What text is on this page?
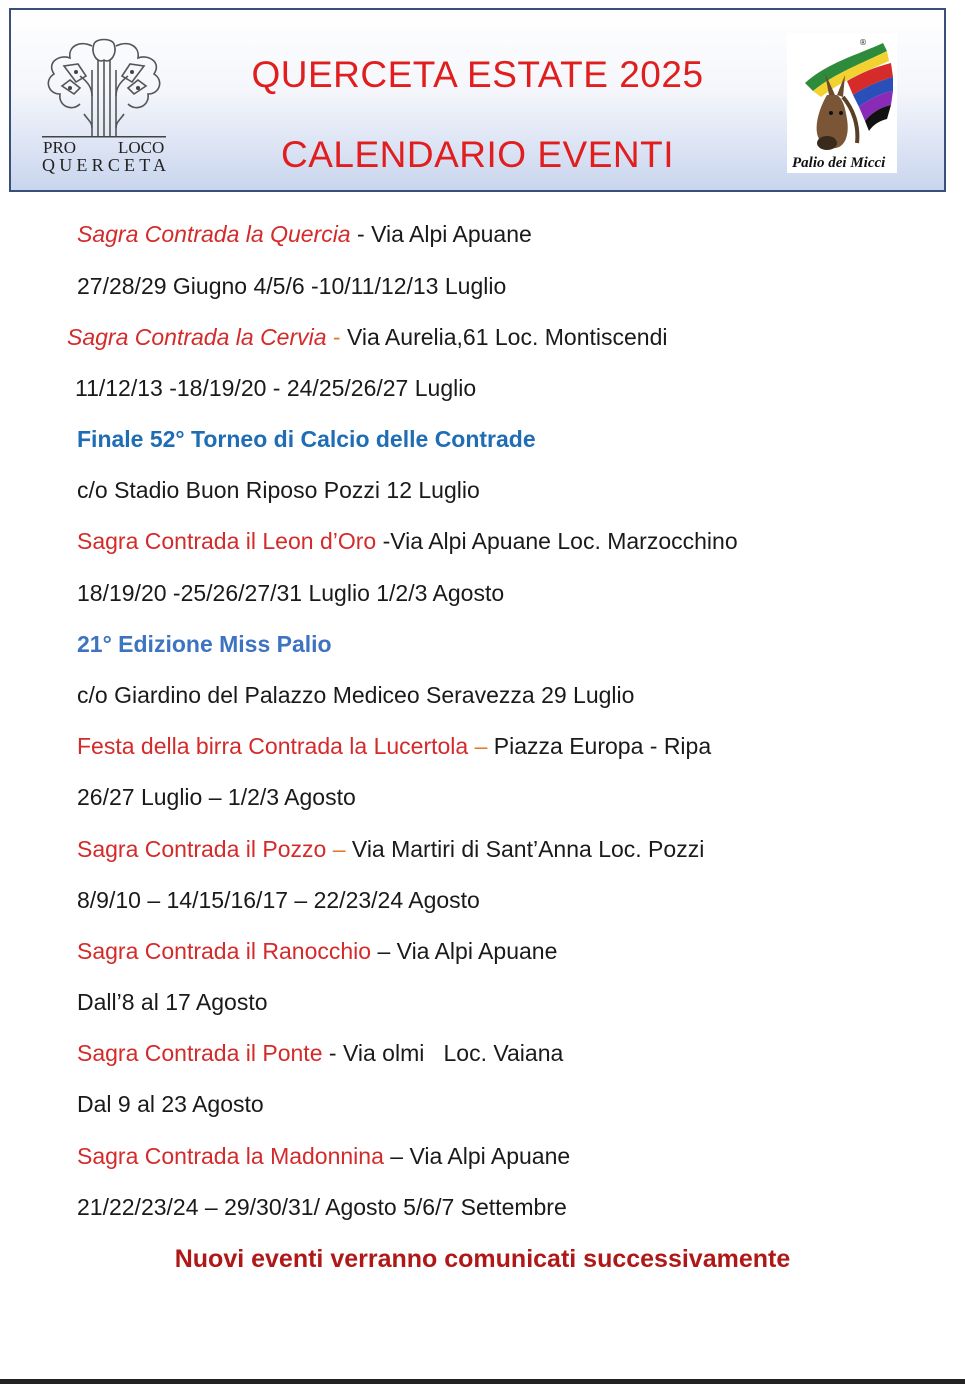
QUERCETA ESTATE 2025
CALENDARIO EVENTI
PRO LOCO
QUERCETA
®
Palio dei Micci
Sagra Contrada la Quercia - Via Alpi Apuane
27/28/29 Giugno 4/5/6 -10/11/12/13 Luglio
Sagra Contrada la Cervia - Via Aurelia,61 Loc. Montiscendi
11/12/13 -18/19/20 - 24/25/26/27 Luglio
Finale 52° Torneo di Calcio delle Contrade
c/o Stadio Buon Riposo Pozzi 12 Luglio
Sagra Contrada il Leon d’Oro -Via Alpi Apuane Loc. Marzocchino
18/19/20 -25/26/27/31 Luglio 1/2/3 Agosto
21° Edizione Miss Palio
c/o Giardino del Palazzo Mediceo Seravezza 29 Luglio
Festa della birra Contrada la Lucertola – Piazza Europa - Ripa
26/27 Luglio – 1/2/3 Agosto
Sagra Contrada il Pozzo – Via Martiri di Sant’Anna Loc. Pozzi
8/9/10 – 14/15/16/17 – 22/23/24 Agosto
Sagra Contrada il Ranocchio – Via Alpi Apuane
Dall’8 al 17 Agosto
Sagra Contrada il Ponte - Via olmi   Loc. Vaiana
Dal 9 al 23 Agosto
Sagra Contrada la Madonnina – Via Alpi Apuane
21/22/23/24 – 29/30/31/ Agosto 5/6/7 Settembre
Nuovi eventi verranno comunicati successivamente
